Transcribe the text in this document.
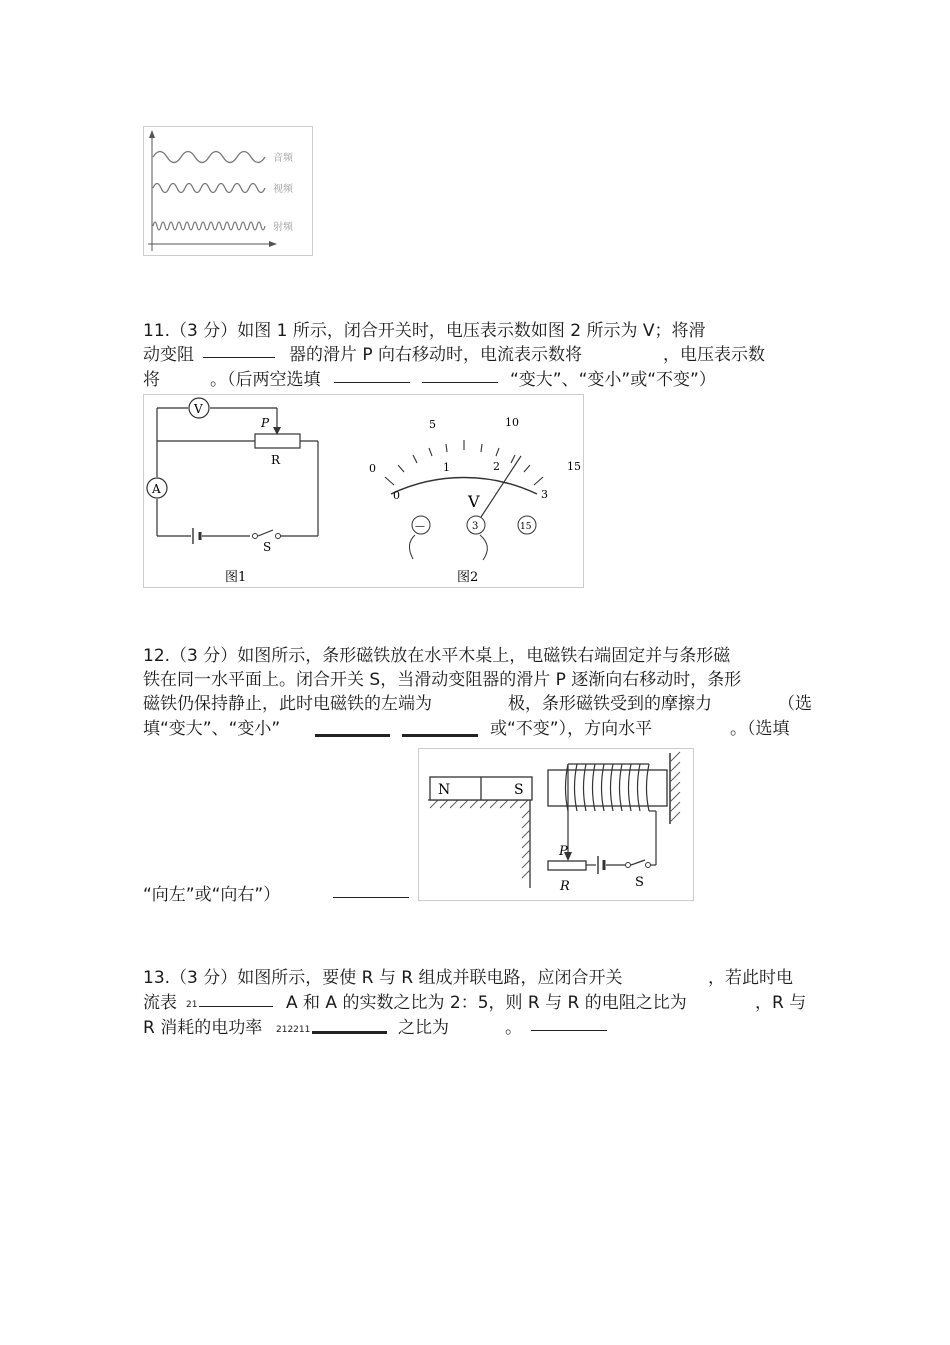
音频
视频
射频
11.（3 分）如图 1 所示，闭合开关时，电压表示数如图 2 所示为 V；将滑
动变阻	器的滑片 P 向右移动时，电流表示数将	，电压表示数
将	。（后两空选填	“变大”、“变小”或“不变”）
V
A
P
R
S
图1
0
5	10
15
0
1	2
3
V
—	3	15
图2
12.（3 分）如图所示，条形磁铁放在水平木桌上，电磁铁右端固定并与条形磁
铁在同一水平面上。闭合开关 S，当滑动变阻器的滑片 P 逐渐向右移动时，条形
磁铁仍保持静止，此时电磁铁的左端为	极，条形磁铁受到的摩擦力	（选
填“变大”、“变小”	或“不变”），方向水平	。（选填
“向左”或“向右”）
N	S
P
R	S
13.（3 分）如图所示，要使 R 与 R 组成并联电路，应闭合开关	，若此时电
流表 21	A 和 A 的实数之比为 2：5，则 R 与 R 的电阻之比为	，R 与
R 消耗的电功率 212211	之比为	。
